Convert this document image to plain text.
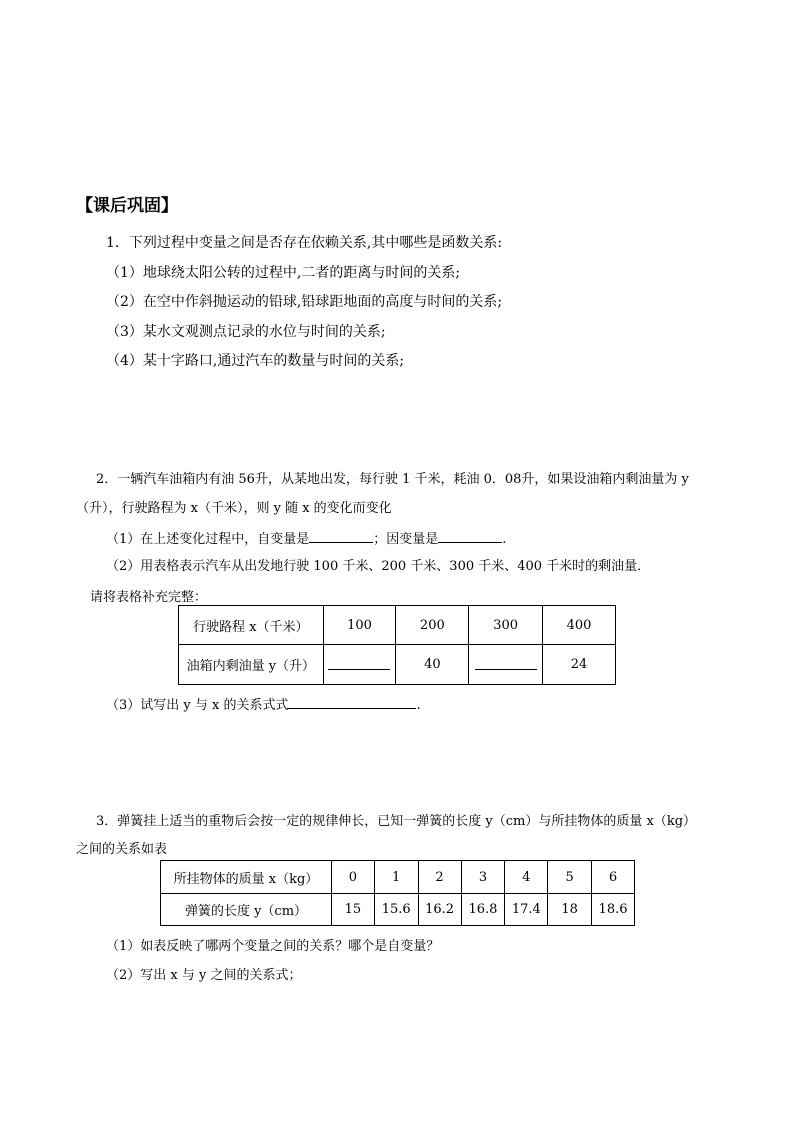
【课后巩固】
1．下列过程中变量之间是否存在依赖关系,其中哪些是函数关系:
（1）地球绕太阳公转的过程中,二者的距离与时间的关系;
（2）在空中作斜抛运动的铅球,铅球距地面的高度与时间的关系;
（3）某水文观测点记录的水位与时间的关系;
（4）某十字路口,通过汽车的数量与时间的关系;
2．一辆汽车油箱内有油 56升，从某地出发，每行驶 1 千米，耗油 0．08升，如果设油箱内剩油量为 y
（升），行驶路程为 x（千米），则 y 随 x 的变化而变化
（1）在上述变化过程中，自变量是	；因变量是	.
（2）用表格表示汽车从出发地行驶 100 千米、200 千米、300 千米、400 千米时的剩油量．
请将表格补充完整：
行驶路程 x（千米）	100	200	300	400
油箱内剩油量 y（升）		40		24
（3）试写出 y 与 x 的关系式式	.
3．弹簧挂上适当的重物后会按一定的规律伸长，已知一弹簧的长度 y（cm）与所挂物体的质量 x（kg）
之间的关系如表
所挂物体的质量 x（kg）	0	1	2	3	4	5	6
弹簧的长度 y（cm）	15	15.6	16.2	16.8	17.4	18	18.6
（1）如表反映了哪两个变量之间的关系？哪个是自变量？
（2）写出 x 与 y 之间的关系式；
